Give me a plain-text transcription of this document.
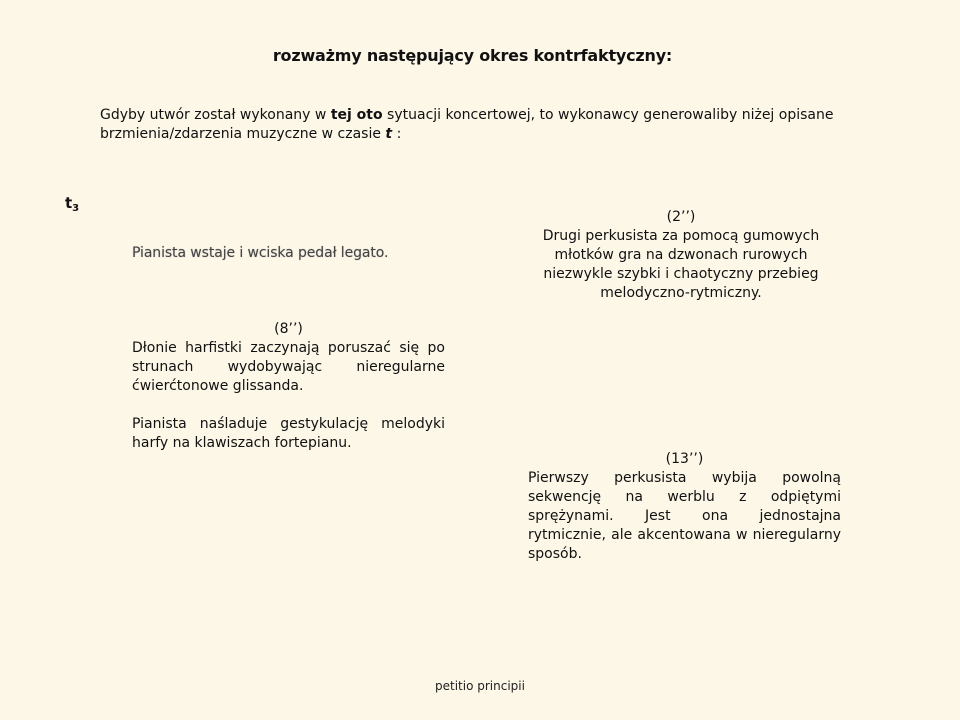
rozważmy następujący okres kontrfaktyczny:
Gdyby utwór został wykonany w tej oto sytuacji koncertowej, to wykonawcy generowaliby niżej opisane brzmienia/zdarzenia muzyczne w czasie t :
$t_3$
Pianista wstaje i wciska pedał legato.
(8’’)

Dłonie harfistki zaczynają poruszać się po strunach wydobywając nieregularne ćwierćtonowe glissanda.

Pianista naśladuje gestykulację melodyki harfy na klawiszach fortepianu.

(2’’)
Drugi perkusista za pomocą gumowych młotków gra na dzwonach rurowych niezwykle szybki i chaotyczny przebieg melodyczno-rytmiczny.
(13’’)

Pierwszy perkusista wybija powolną sekwencję na werblu z odpiętymi sprężynami. Jest ona jednostajna rytmicznie, ale akcentowana w nieregularny sposób.

petitio principii
